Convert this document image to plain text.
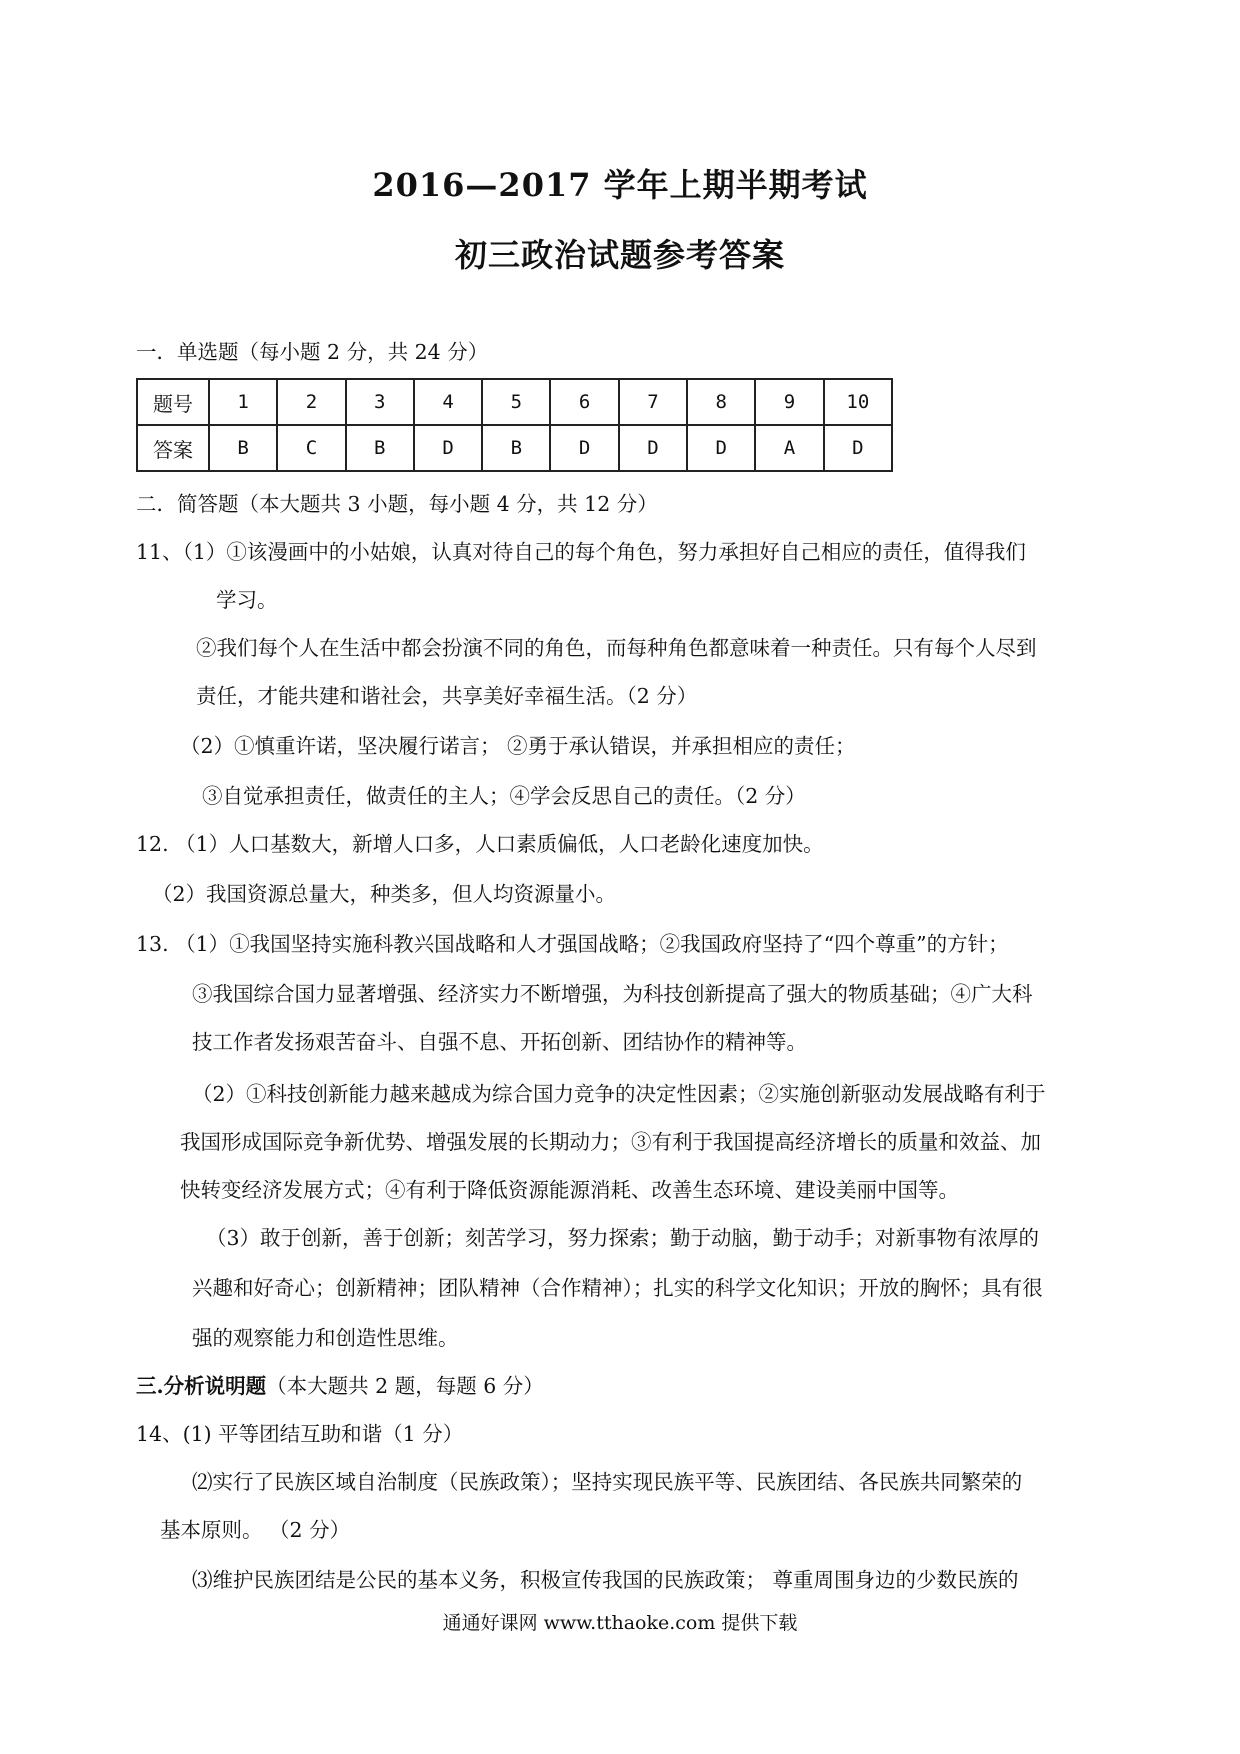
2016—2017 学年上期半期考试
初三政治试题参考答案
一．单选题（每小题 2 分，共 24 分）
题号	1	2	3	4	5	6	7	8	9	10
答案	B	C	B	D	B	D	D	D	A	D
二．简答题（本大题共 3 小题，每小题 4 分，共 12 分）
11、（1）①该漫画中的小姑娘，认真对待自己的每个角色，努力承担好自己相应的责任，值得我们
学习。
②我们每个人在生活中都会扮演不同的角色，而每种角色都意味着一种责任。只有每个人尽到
责任，才能共建和谐社会，共享美好幸福生活。（2 分）
（2）①慎重许诺，坚决履行诺言； ②勇于承认错误，并承担相应的责任；
③自觉承担责任，做责任的主人；④学会反思自己的责任。（2 分）
12. （1）人口基数大，新增人口多，人口素质偏低，人口老龄化速度加快。
（2）我国资源总量大，种类多，但人均资源量小。
13. （1）①我国坚持实施科教兴国战略和人才强国战略；②我国政府坚持了“四个尊重”的方针；
③我国综合国力显著增强、经济实力不断增强，为科技创新提高了强大的物质基础；④广大科
技工作者发扬艰苦奋斗、自强不息、开拓创新、团结协作的精神等。
（2）①科技创新能力越来越成为综合国力竞争的决定性因素；②实施创新驱动发展战略有利于
我国形成国际竞争新优势、增强发展的长期动力；③有利于我国提高经济增长的质量和效益、加
快转变经济发展方式；④有利于降低资源能源消耗、改善生态环境、建设美丽中国等。
（3）敢于创新，善于创新；刻苦学习，努力探索；勤于动脑，勤于动手；对新事物有浓厚的
兴趣和好奇心；创新精神；团队精神（合作精神）；扎实的科学文化知识；开放的胸怀；具有很
强的观察能力和创造性思维。
三.分析说明题（本大题共 2 题，每题 6 分）
14、(1) 平等团结互助和谐（1 分）
⑵实行了民族区域自治制度（民族政策）；坚持实现民族平等、民族团结、各民族共同繁荣的
基本原则。 （2 分）
⑶维护民族团结是公民的基本义务，积极宣传我国的民族政策； 尊重周围身边的少数民族的
通通好课网 www.tthaoke.com 提供下载
